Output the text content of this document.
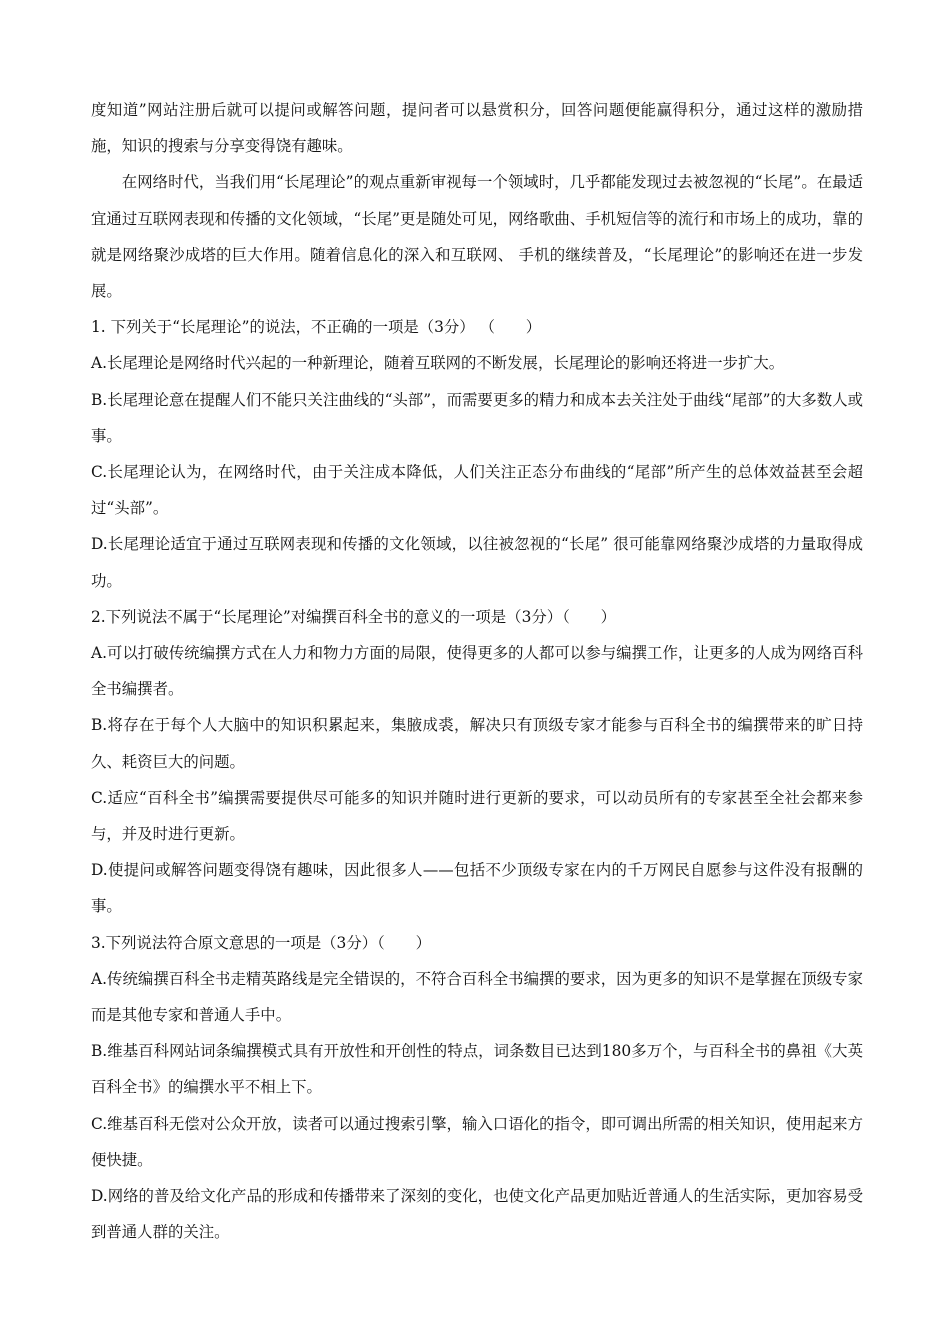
度知道”网站注册后就可以提问或解答问题，提问者可以悬赏积分，回答问题便能赢得积分，通过这样的激励措施，知识的搜索与分享变得饶有趣味。

在网络时代，当我们用“长尾理论”的观点重新审视每一个领域时，几乎都能发现过去被忽视的“长尾”。在最适宜通过互联网表现和传播的文化领域，“长尾”更是随处可见，网络歌曲、手机短信等的流行和市场上的成功，靠的就是网络聚沙成塔的巨大作用。随着信息化的深入和互联网、 手机的继续普及，“长尾理论”的影响还在进一步发展。

1. 下列关于“长尾理论”的说法，不正确的一项是（3分） （　　）

A.长尾理论是网络时代兴起的一种新理论，随着互联网的不断发展，长尾理论的影响还将进一步扩大。

B.长尾理论意在提醒人们不能只关注曲线的“头部”，而需要更多的精力和成本去关注处于曲线“尾部”的大多数人或事。

C.长尾理论认为，在网络时代，由于关注成本降低，人们关注正态分布曲线的“尾部”所产生的总体效益甚至会超过“头部”。

D.长尾理论适宜于通过互联网表现和传播的文化领域，以往被忽视的“长尾” 很可能靠网络聚沙成塔的力量取得成功。

2.下列说法不属于“长尾理论”对编撰百科全书的意义的一项是（3分）（　　）

A.可以打破传统编撰方式在人力和物力方面的局限，使得更多的人都可以参与编撰工作，让更多的人成为网络百科全书编撰者。

B.将存在于每个人大脑中的知识积累起来，集腋成裘，解决只有顶级专家才能参与百科全书的编撰带来的旷日持久、耗资巨大的问题。

C.适应“百科全书”编撰需要提供尽可能多的知识并随时进行更新的要求，可以动员所有的专家甚至全社会都来参与，并及时进行更新。

D.使提问或解答问题变得饶有趣味，因此很多人——包括不少顶级专家在内的千万网民自愿参与这件没有报酬的事。

3.下列说法符合原文意思的一项是（3分）（　　）

A.传统编撰百科全书走精英路线是完全错误的，不符合百科全书编撰的要求，因为更多的知识不是掌握在顶级专家而是其他专家和普通人手中。

B.维基百科网站词条编撰模式具有开放性和开创性的特点，词条数目已达到180多万个，与百科全书的鼻祖《大英百科全书》的编撰水平不相上下。

C.维基百科无偿对公众开放，读者可以通过搜索引擎，输入口语化的指令，即可调出所需的相关知识，使用起来方便快捷。

D.网络的普及给文化产品的形成和传播带来了深刻的变化，也使文化产品更加贴近普通人的生活实际，更加容易受到普通人群的关注。
